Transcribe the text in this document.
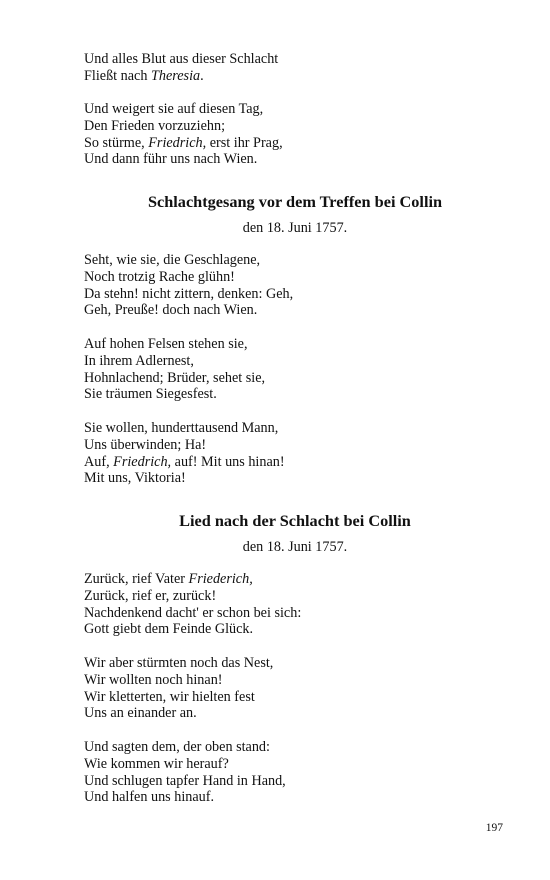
Und alles Blut aus dieser Schlacht
Fließt nach Theresia.
Und weigert sie auf diesen Tag,
Den Frieden vorzuziehn;
So stürme, Friedrich, erst ihr Prag,
Und dann führ uns nach Wien.
Schlachtgesang vor dem Treffen bei Collin
den 18. Juni 1757.
Seht, wie sie, die Geschlagene,
Noch trotzig Rache glühn!
Da stehn! nicht zittern, denken: Geh,
Geh, Preuße! doch nach Wien.
Auf hohen Felsen stehen sie,
In ihrem Adlernest,
Hohnlachend; Brüder, sehet sie,
Sie träumen Siegesfest.
Sie wollen, hunderttausend Mann,
Uns überwinden; Ha!
Auf, Friedrich, auf! Mit uns hinan!
Mit uns, Viktoria!
Lied nach der Schlacht bei Collin
den 18. Juni 1757.
Zurück, rief Vater Friederich,
Zurück, rief er, zurück!
Nachdenkend dacht' er schon bei sich:
Gott giebt dem Feinde Glück.
Wir aber stürmten noch das Nest,
Wir wollten noch hinan!
Wir kletterten, wir hielten fest
Uns an einander an.
Und sagten dem, der oben stand:
Wie kommen wir herauf?
Und schlugen tapfer Hand in Hand,
Und halfen uns hinauf.
197
